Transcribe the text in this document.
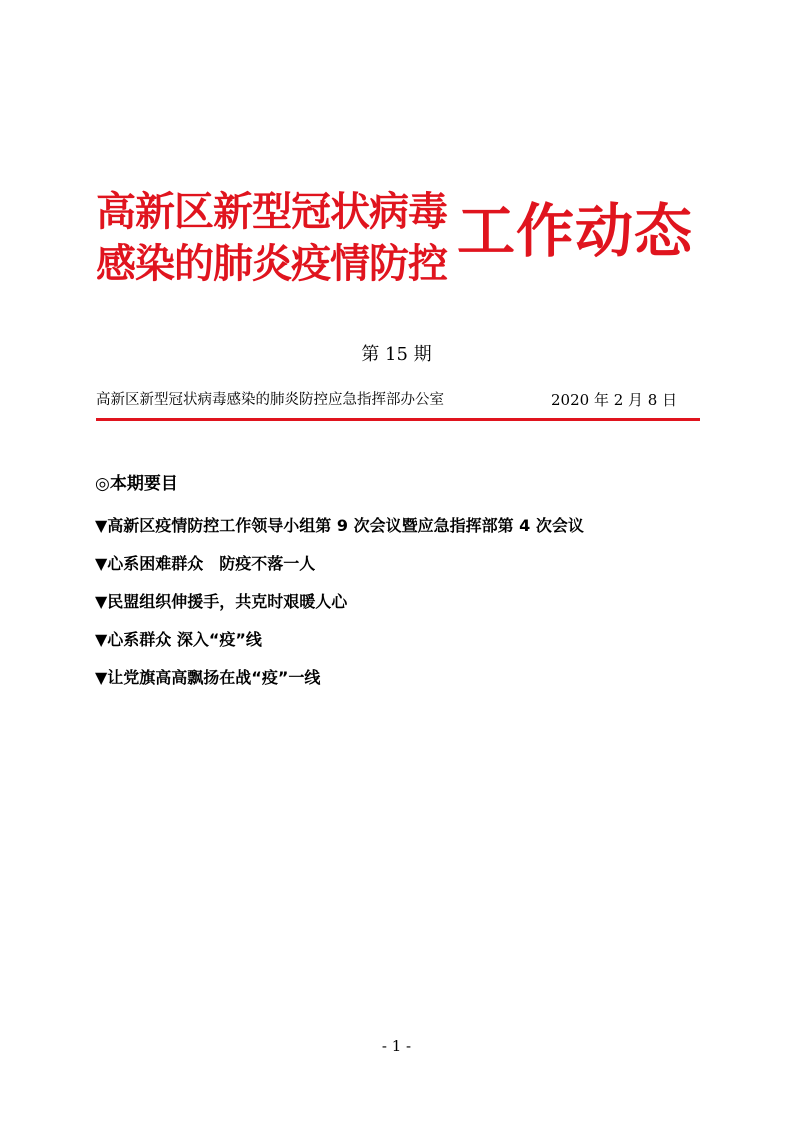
高新区新型冠状病毒
感染的肺炎疫情防控 工作动态
第 15 期
高新区新型冠状病毒感染的肺炎防控应急指挥部办公室	2020 年 2 月 8 日
◎本期要目
▼高新区疫情防控工作领导小组第 9 次会议暨应急指挥部第 4 次会议
▼心系困难群众　防疫不落一人
▼民盟组织伸援手，共克时艰暖人心
▼心系群众 深入“疫”线
▼让党旗高高飘扬在战“疫”一线
- 1 -
